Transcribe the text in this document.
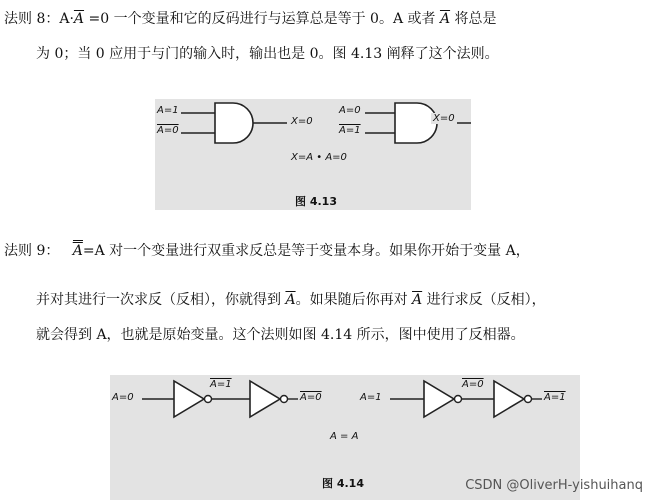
法则 8：$A\cdot\overline{A} =0$ 一个变量和它的反码进行与运算总是等于 0。A 或者 $\overline{A}$ 将总是
为 0；当 0 应用于与门的输入时，输出也是 0。图 4.13 阐释了这个法则。
A=1
A=0
X=0
A=0
A=1
X=0
X=A • A=0
图 4.13
法则 9： $\overline{A}=A$ 对一个变量进行双重求反总是等于变量本身。如果你开始于变量 A，
并对其进行一次求反（反相），你就得到 $\overline{A}$。如果随后你再对 $\overline{A}$ 进行求反（反相），
就会得到 A，也就是原始变量。这个法则如图 4.14 所示，图中使用了反相器。
A=0
A=1
A=0	A=1
A=0
A=1
A = A
图 4.14	CSDN @OliverH-yishuihanq
